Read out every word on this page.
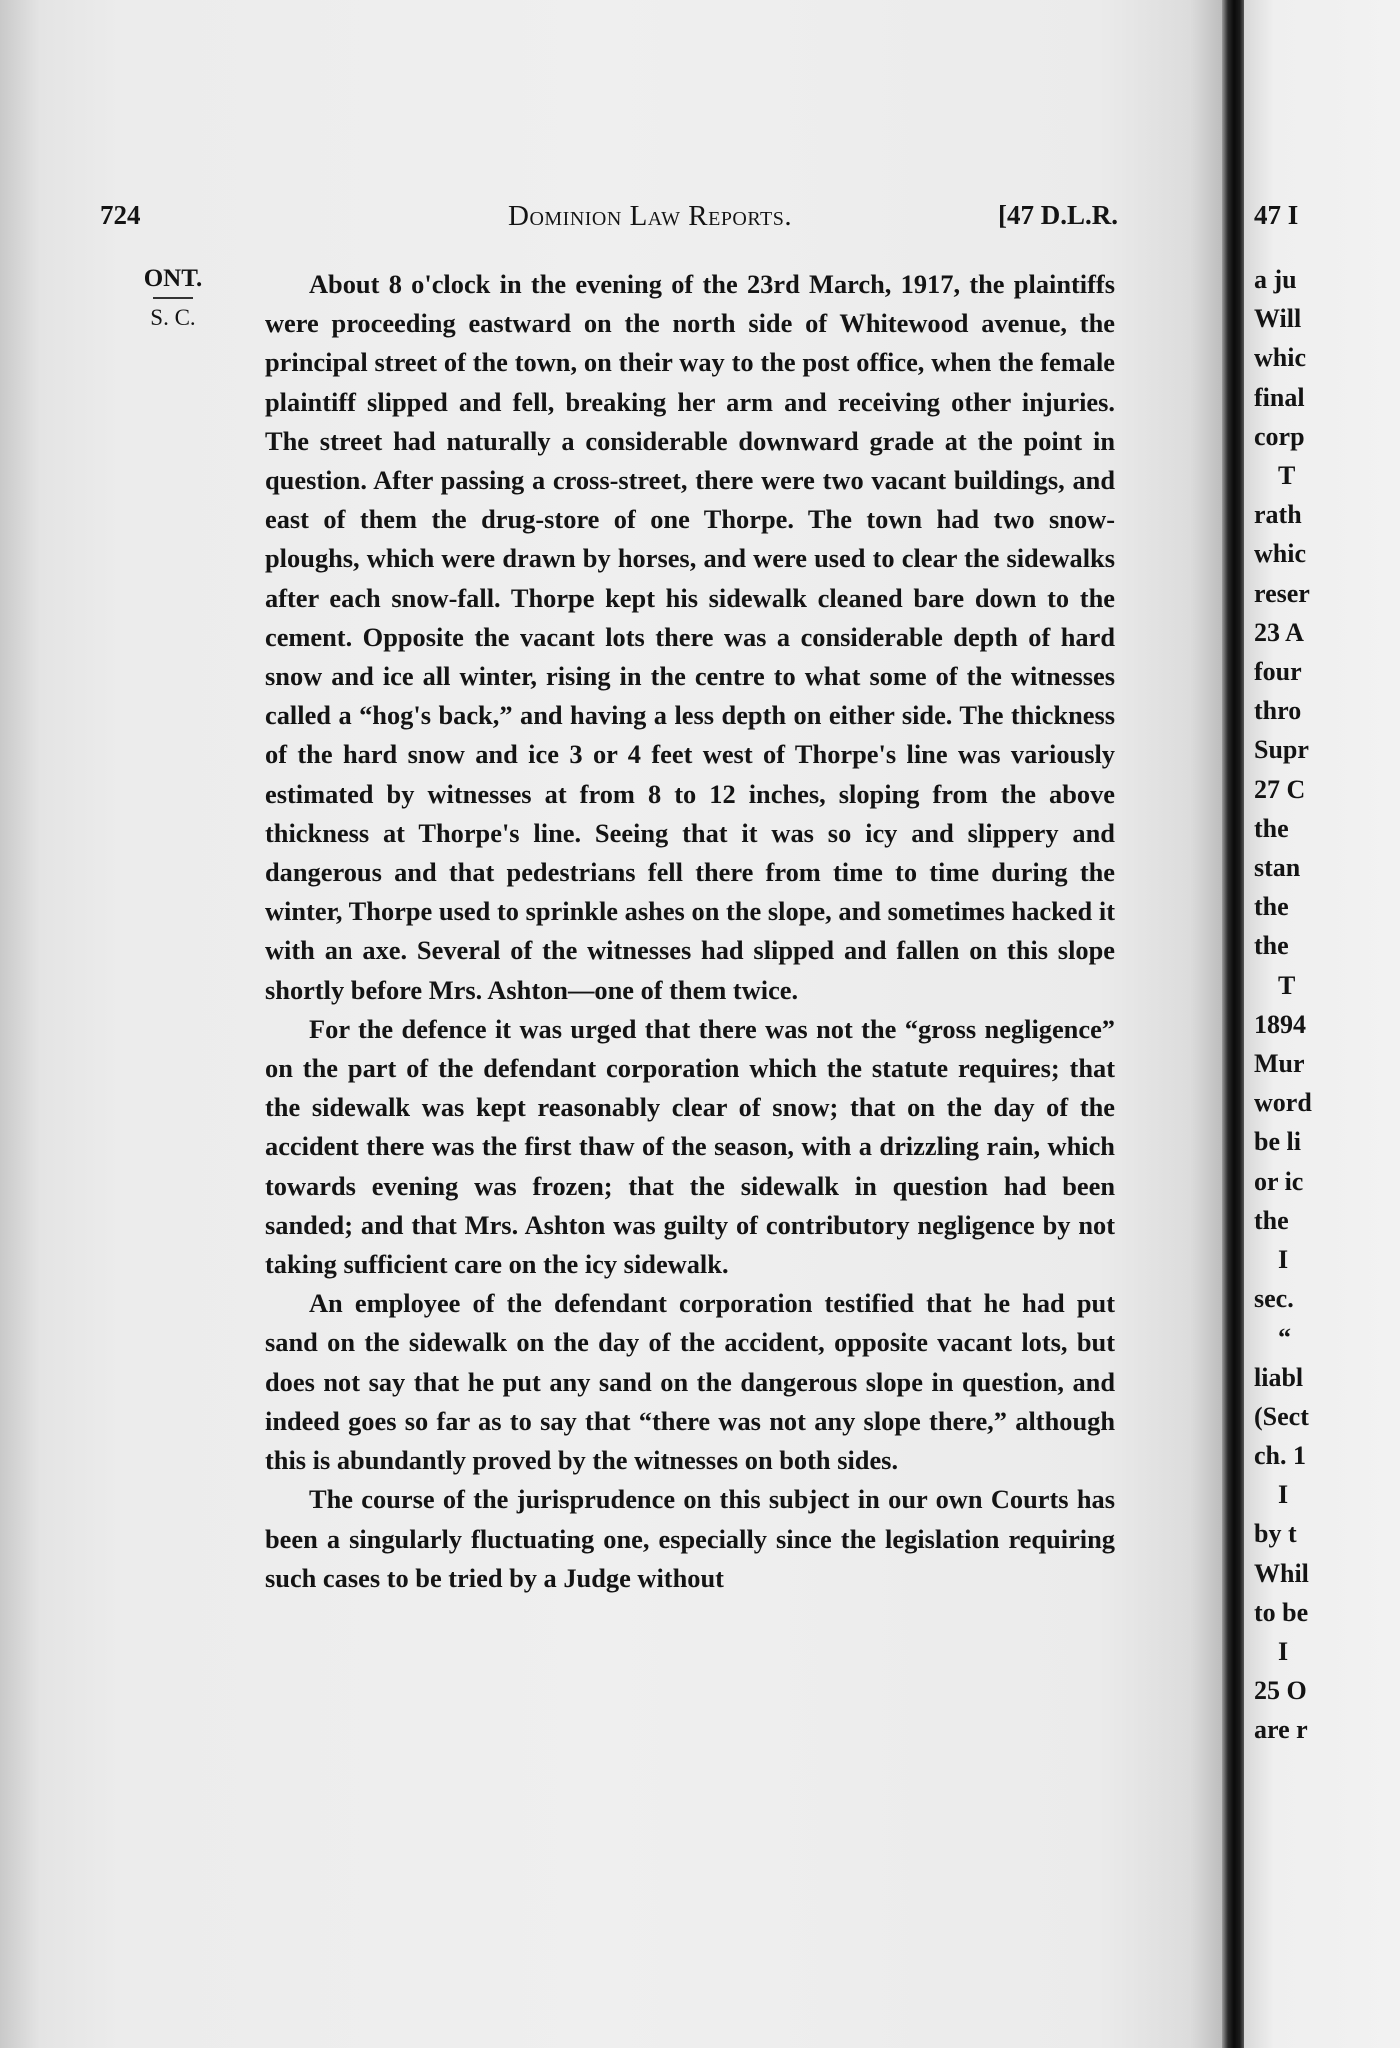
724	Dominion Law Reports.	[47 D.L.R.
ONT.
S. C.

About 8 o'clock in the evening of the 23rd March, 1917, the plaintiffs were proceeding eastward on the north side of Whitewood avenue, the principal street of the town, on their way to the post office, when the female plaintiff slipped and fell, breaking her arm and receiving other injuries. The street had naturally a considerable downward grade at the point in question. After passing a cross-street, there were two vacant buildings, and east of them the drug-store of one Thorpe. The town had two snow-ploughs, which were drawn by horses, and were used to clear the sidewalks after each snow-fall. Thorpe kept his sidewalk cleaned bare down to the cement. Opposite the vacant lots there was a considerable depth of hard snow and ice all winter, rising in the centre to what some of the witnesses called a “hog's back,” and having a less depth on either side. The thickness of the hard snow and ice 3 or 4 feet west of Thorpe's line was variously estimated by witnesses at from 8 to 12 inches, sloping from the above thickness at Thorpe's line. Seeing that it was so icy and slippery and dangerous and that pedestrians fell there from time to time during the winter, Thorpe used to sprinkle ashes on the slope, and sometimes hacked it with an axe. Several of the witnesses had slipped and fallen on this slope shortly before Mrs. Ashton—one of them twice.

For the defence it was urged that there was not the “gross negligence” on the part of the defendant corporation which the statute requires; that the sidewalk was kept reasonably clear of snow; that on the day of the accident there was the first thaw of the season, with a drizzling rain, which towards evening was frozen; that the sidewalk in question had been sanded; and that Mrs. Ashton was guilty of contributory negligence by not taking sufficient care on the icy sidewalk.

An employee of the defendant corporation testified that he had put sand on the sidewalk on the day of the accident, opposite vacant lots, but does not say that he put any sand on the dangerous slope in question, and indeed goes so far as to say that “there was not any slope there,” although this is abundantly proved by the witnesses on both sides.

The course of the jurisprudence on this subject in our own Courts has been a singularly fluctuating one, especially since the legislation requiring such cases to be tried by a Judge without

47 I
a ju
Will
whic
final
corp
T
rath
whic
reser
23 A
four
thro
Supr
27 C
the
stan
the
the
T
1894
Mur
word
be li
or ic
the
I
sec.
“
liabl
(Sect
ch. 1
I
by t
Whil
to be
I
25 O
are r
